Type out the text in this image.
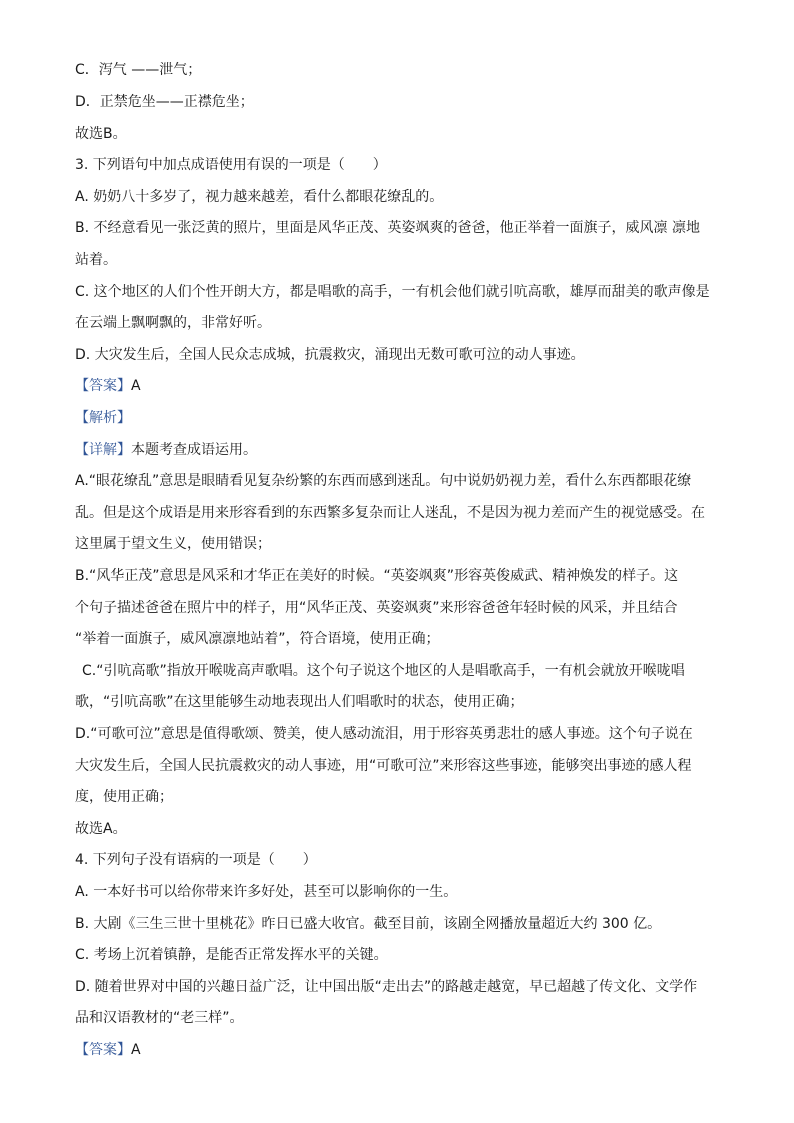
C．泻气 ——泄气；
D．正禁危坐——正襟危坐；
故选B。
3. 下列语句中加点成语使用有误的一项是（　　）
A. 奶奶八十多岁了，视力越来越差，看什么都眼花缭乱的。
B. 不经意看见一张泛黄的照片，里面是风华正茂、英姿飒爽的爸爸，他正举着一面旗子，威风凛 凛地
站着。
C. 这个地区的人们个性开朗大方，都是唱歌的高手，一有机会他们就引吭高歌，雄厚而甜美的歌声像是
在云端上飘啊飘的，非常好听。
D. 大灾发生后，全国人民众志成城，抗震救灾，涌现出无数可歌可泣的动人事迹。
【答案】A
【解析】
【详解】本题考查成语运用。
A.“眼花缭乱”意思是眼睛看见复杂纷繁的东西而感到迷乱。句中说奶奶视力差，看什么东西都眼花缭
乱。但是这个成语是用来形容看到的东西繁多复杂而让人迷乱，不是因为视力差而产生的视觉感受。在
这里属于望文生义，使用错误；
B.“风华正茂”意思是风采和才华正在美好的时候。“英姿飒爽”形容英俊威武、精神焕发的样子。这
个句子描述爸爸在照片中的样子，用“风华正茂、英姿飒爽”来形容爸爸年轻时候的风采，并且结合
“举着一面旗子，威风凛凛地站着”，符合语境，使用正确；
C.“引吭高歌”指放开喉咙高声歌唱。这个句子说这个地区的人是唱歌高手，一有机会就放开喉咙唱
歌，“引吭高歌”在这里能够生动地表现出人们唱歌时的状态，使用正确；
D.“可歌可泣”意思是值得歌颂、赞美，使人感动流泪，用于形容英勇悲壮的感人事迹。这个句子说在
大灾发生后，全国人民抗震救灾的动人事迹，用“可歌可泣”来形容这些事迹，能够突出事迹的感人程
度，使用正确；
故选A。
4. 下列句子没有语病的一项是（　　）
A. 一本好书可以给你带来许多好处，甚至可以影响你的一生。
B. 大剧《三生三世十里桃花》昨日已盛大收官。截至目前，该剧全网播放量超近大约 300 亿。
C. 考场上沉着镇静，是能否正常发挥水平的关键。
D. 随着世界对中国的兴趣日益广泛，让中国出版“走出去”的路越走越宽，早已超越了传文化、文学作
品和汉语教材的“老三样”。
【答案】A
